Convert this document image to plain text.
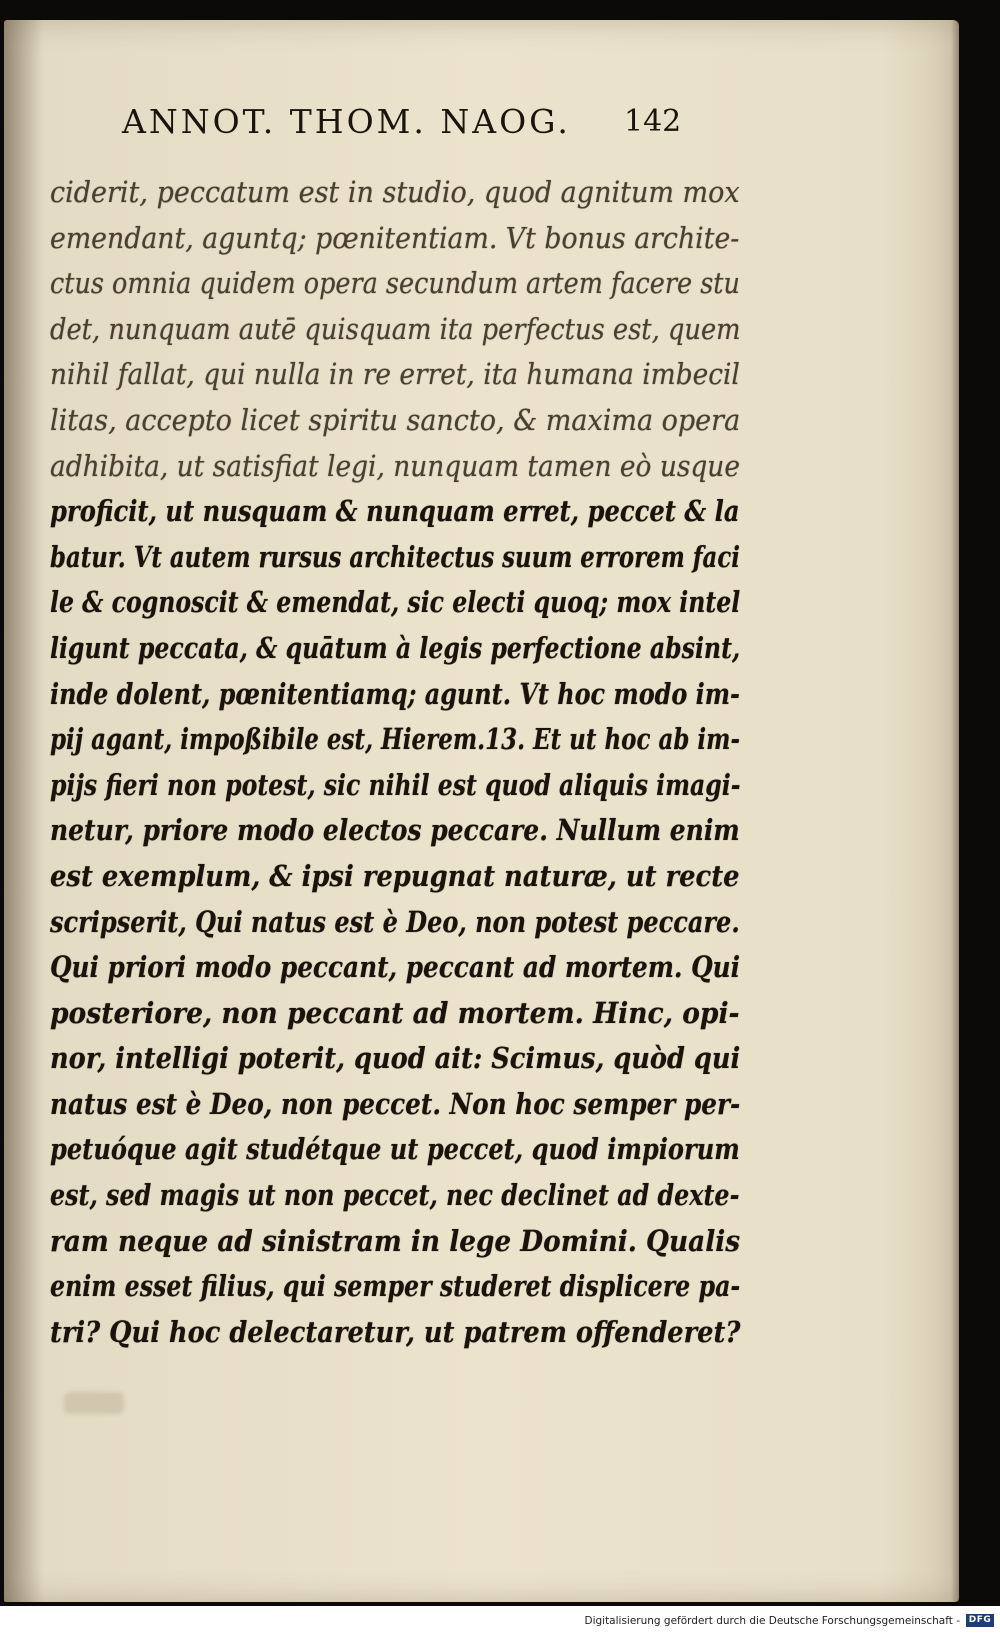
ANNOT. THOM. NAOG. 142
ciderit, peccatum est in studio, quod agnitum mox
emendant, aguntq; pœnitentiam. Vt bonus archite-
ctus omnia quidem opera secundum artem facere stu
det, nunquam autē quisquam ita perfectus est, quem
nihil fallat, qui nulla in re erret, ita humana imbecil
litas, accepto licet spiritu sancto, & maxima opera
adhibita, ut satisfiat legi, nunquam tamen eò usque
proficit, ut nusquam & nunquam erret, peccet & la
batur. Vt autem rursus architectus suum errorem faci
le & cognoscit & emendat, sic electi quoq; mox intel
ligunt peccata, & quātum à legis perfectione absint,
inde dolent, pœnitentiamq; agunt. Vt hoc modo im-
pij agant, impoßibile est, Hierem.13. Et ut hoc ab im-
pijs fieri non potest, sic nihil est quod aliquis imagi-
netur, priore modo electos peccare. Nullum enim
est exemplum, & ipsi repugnat naturæ, ut recte
scripserit, Qui natus est è Deo, non potest peccare.
Qui priori modo peccant, peccant ad mortem. Qui
posteriore, non peccant ad mortem. Hinc, opi-
nor, intelligi poterit, quod ait: Scimus, quòd qui
natus est è Deo, non peccet. Non hoc semper per-
petuóque agit studétque ut peccet, quod impiorum
est, sed magis ut non peccet, nec declinet ad dexte-
ram neque ad sinistram in lege Domini. Qualis
enim esset filius, qui semper studeret displicere pa-
tri? Qui hoc delectaretur, ut patrem offenderet?
Digitalisierung gefördert durch die Deutsche Forschungsgemeinschaft - DFG
